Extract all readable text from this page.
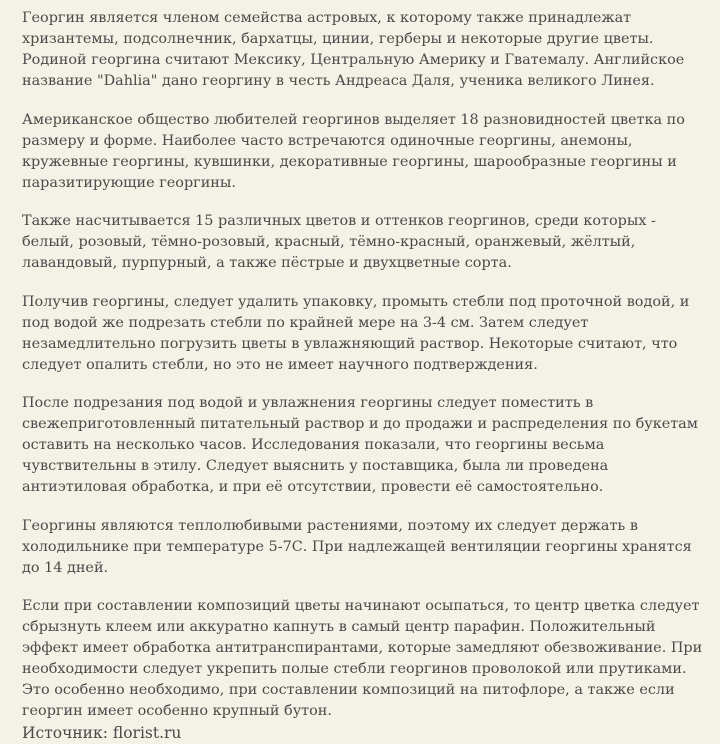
Георгин является членом семейства астровых, к которому также принадлежат хризантемы, подсолнечник, бархатцы, цинии, герберы и некоторые другие цветы. Родиной георгина считают Мексику, Центральную Америку и Гватемалу. Английское название "Dahlia" дано георгину в честь Андреаса Даля, ученика великого Линея.

Американское общество любителей георгинов выделяет 18 разновидностей цветка по размеру и форме. Наиболее часто встречаются одиночные георгины, анемоны, кружевные георгины, кувшинки, декоративные георгины, шарообразные георгины и паразитирующие георгины.

Также насчитывается 15 различных цветов и оттенков георгинов, среди которых - белый, розовый, тёмно-розовый, красный, тёмно-красный, оранжевый, жёлтый, лавандовый, пурпурный, а также пёстрые и двухцветные сорта.

Получив георгины, следует удалить упаковку, промыть стебли под проточной водой, и под водой же подрезать стебли по крайней мере на 3-4 см. Затем следует незамедлительно погрузить цветы в увлажняющий раствор. Некоторые считают, что следует опалить стебли, но это не имеет научного подтверждения.

После подрезания под водой и увлажнения георгины следует поместить в свежеприготовленный питательный раствор и до продажи и распределения по букетам оставить на несколько часов. Исследования показали, что георгины весьма чувствительны в этилу. Следует выяснить у поставщика, была ли проведена антиэтиловая обработка, и при её отсутствии, провести её самостоятельно.

Георгины являются теплолюбивыми растениями, поэтому их следует держать в холодильнике при температуре 5-7С. При надлежащей вентиляции георгины хранятся до 14 дней.

Если при составлении композиций цветы начинают осыпаться, то центр цветка следует сбрызнуть клеем или аккуратно капнуть в самый центр парафин. Положительный эффект имеет обработка антитранспирантами, которые замедляют обезвоживание. При необходимости следует укрепить полые стебли георгинов проволокой или прутиками. Это особенно необходимо, при составлении композиций на питофлоре, а также если георгин имеет особенно крупный бутон.

Источник: florist.ru
